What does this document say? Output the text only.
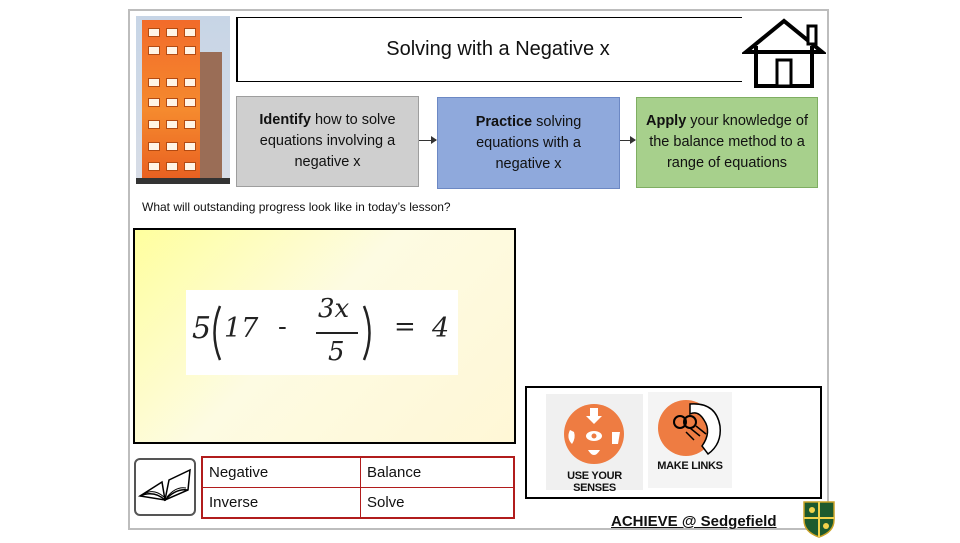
Solving with a Negative x
Identify how to solve equations involving a negative x
Practice solving equations with a negative x
Apply your knowledge of the balance method to a range of equations
What will outstanding progress look like in today’s lesson?
5 17 -
3x
5
= 4
Negative	Balance
Inverse	Solve
USE YOUR SENSES
MAKE LINKS
ACHIEVE @ Sedgefield
